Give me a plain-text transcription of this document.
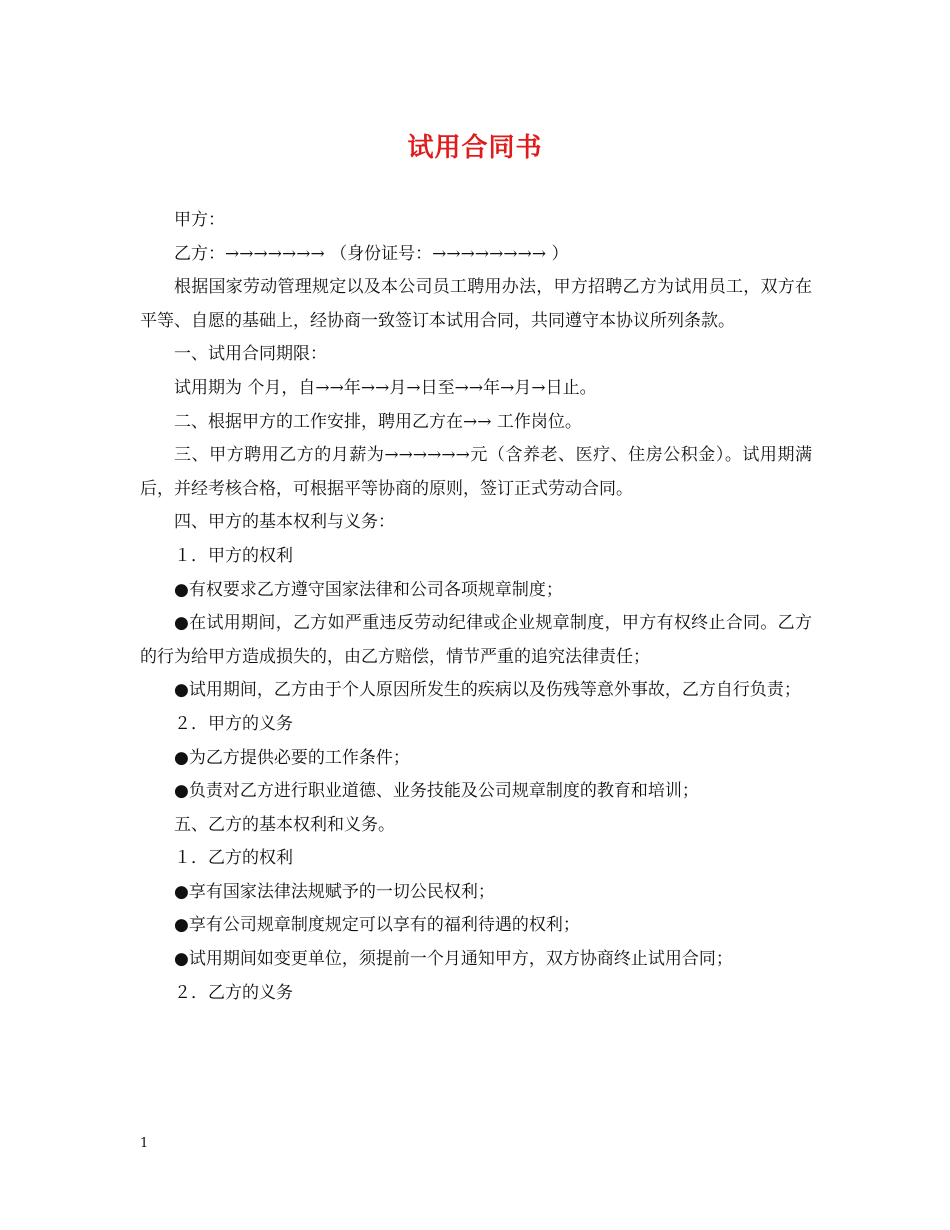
试用合同书

甲方：

乙方：→→→→→→→ （身份证号：→→→→→→→→ ）

根据国家劳动管理规定以及本公司员工聘用办法，甲方招聘乙方为试用员工，双方在平等、自愿的基础上，经协商一致签订本试用合同，共同遵守本协议所列条款。

一、试用合同期限：

试用期为 个月，自→→年→→月→日至→→年→月→日止。

二、根据甲方的工作安排，聘用乙方在→→ 工作岗位。

三、甲方聘用乙方的月薪为→→→→→→元（含养老、医疗、住房公积金）。试用期满后，并经考核合格，可根据平等协商的原则，签订正式劳动合同。

四、甲方的基本权利与义务：

１．甲方的权利

●有权要求乙方遵守国家法律和公司各项规章制度；

●在试用期间，乙方如严重违反劳动纪律或企业规章制度，甲方有权终止合同。乙方的行为给甲方造成损失的，由乙方赔偿，情节严重的追究法律责任；

●试用期间，乙方由于个人原因所发生的疾病以及伤残等意外事故，乙方自行负责；

２．甲方的义务

●为乙方提供必要的工作条件；

●负责对乙方进行职业道德、业务技能及公司规章制度的教育和培训；

五、乙方的基本权利和义务。

１．乙方的权利

●享有国家法律法规赋予的一切公民权利；

●享有公司规章制度规定可以享有的福利待遇的权利；

●试用期间如变更单位，须提前一个月通知甲方，双方协商终止试用合同；

２．乙方的义务

1
